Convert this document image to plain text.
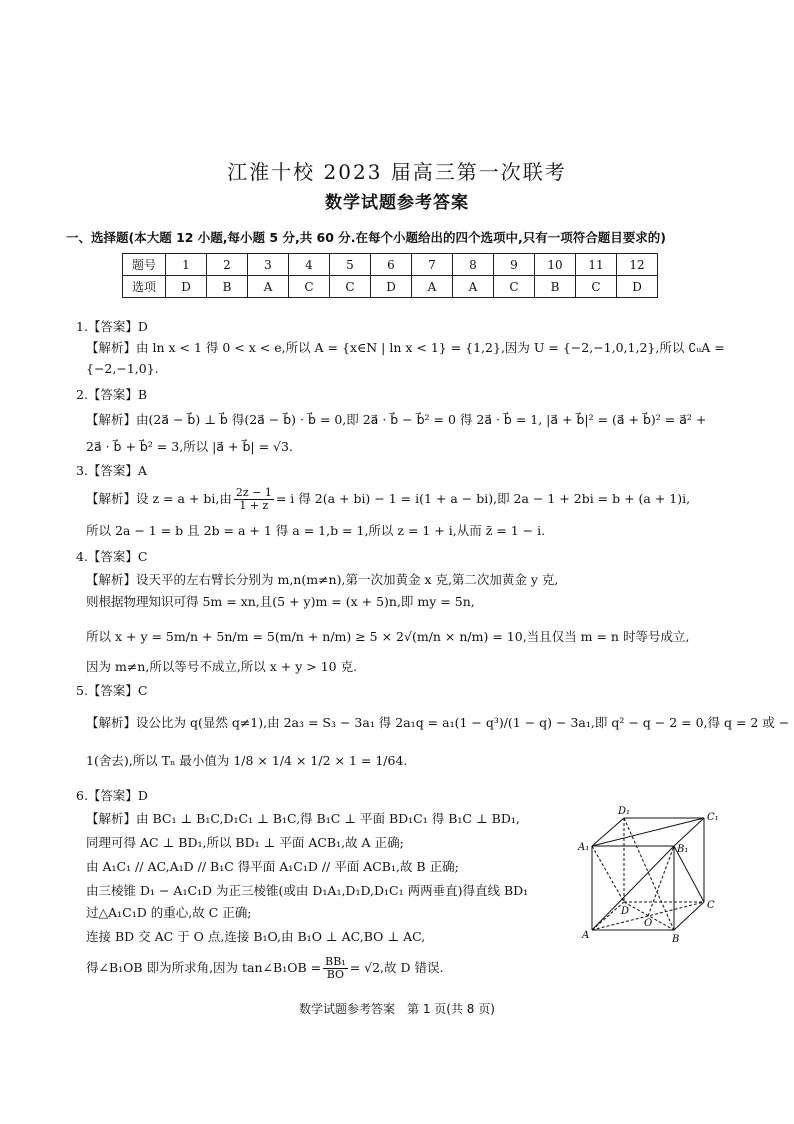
江淮十校 2023 届高三第一次联考
数学试题参考答案
一、选择题(本大题 12 小题,每小题 5 分,共 60 分.在每个小题给出的四个选项中,只有一项符合题目要求的)
题号	1	2	3	4	5	6	7	8	9	10	11	12
选项	D	B	A	C	C	D	A	A	C	B	C	D
1.【答案】D
【解析】由 ln x < 1 得 0 < x < e,所以 A = {x∈N | ln x < 1} = {1,2},因为 U = {−2,−1,0,1,2},所以 ∁ᵤA =
{−2,−1,0}.
2.【答案】B
【解析】由(2a⃗ − b⃗) ⊥ b⃗ 得(2a⃗ − b⃗) · b⃗ = 0,即 2a⃗ · b⃗ − b⃗² = 0 得 2a⃗ · b⃗ = 1, |a⃗ + b⃗|² = (a⃗ + b⃗)² = a⃗² +
2a⃗ · b⃗ + b⃗² = 3,所以 |a⃗ + b⃗| = √3.
3.【答案】A
【解析】设 z = a + bi,由 $\frac{2z - 1}{1 + z} = i$ 得 2(a + bi) − 1 = i(1 + a − bi),即 2a − 1 + 2bi = b + (a + 1)i,
所以 2a − 1 = b 且 2b = a + 1 得 a = 1,b = 1,所以 z = 1 + i,从而 z̄ = 1 − i.
4.【答案】C
【解析】设天平的左右臂长分别为 m,n(m≠n),第一次加黄金 x 克,第二次加黄金 y 克,
则根据物理知识可得 5m = xn,且(5 + y)m = (x + 5)n,即 my = 5n,
所以 x + y = 5m/n + 5n/m = 5(m/n + n/m) ≥ 5 × 2√(m/n × n/m) = 10,当且仅当 m = n 时等号成立,
因为 m≠n,所以等号不成立,所以 x + y > 10 克.
5.【答案】C
【解析】设公比为 q(显然 q≠1),由 2a₃ = S₃ − 3a₁ 得 2a₁q = a₁(1 − q³)/(1 − q) − 3a₁,即 q² − q − 2 = 0,得 q = 2 或 −
1(舍去),所以 Tₙ 最小值为 1/8 × 1/4 × 1/2 × 1 = 1/64.
6.【答案】D
【解析】由 BC₁ ⊥ B₁C,D₁C₁ ⊥ B₁C,得 B₁C ⊥ 平面 BD₁C₁ 得 B₁C ⊥ BD₁,
同理可得 AC ⊥ BD₁,所以 BD₁ ⊥ 平面 ACB₁,故 A 正确;
由 A₁C₁ // AC,A₁D // B₁C 得平面 A₁C₁D // 平面 ACB₁,故 B 正确;
由三棱锥 D₁ − A₁C₁D 为正三棱锥(或由 D₁A₁,D₁D,D₁C₁ 两两垂直)得直线 BD₁
过△A₁C₁D 的重心,故 C 正确;
连接 BD 交 AC 于 O 点,连接 B₁O,由 B₁O ⊥ AC,BO ⊥ AC,
得∠B₁OB 即为所求角,因为 tan∠B₁OB = $\frac{\text{BB₁}}{BO} = √2$,故 D 错误.
D₁
C₁
A₁	B₁
D
C
A	B
O
数学试题参考答案　第 1 页(共 8 页)
